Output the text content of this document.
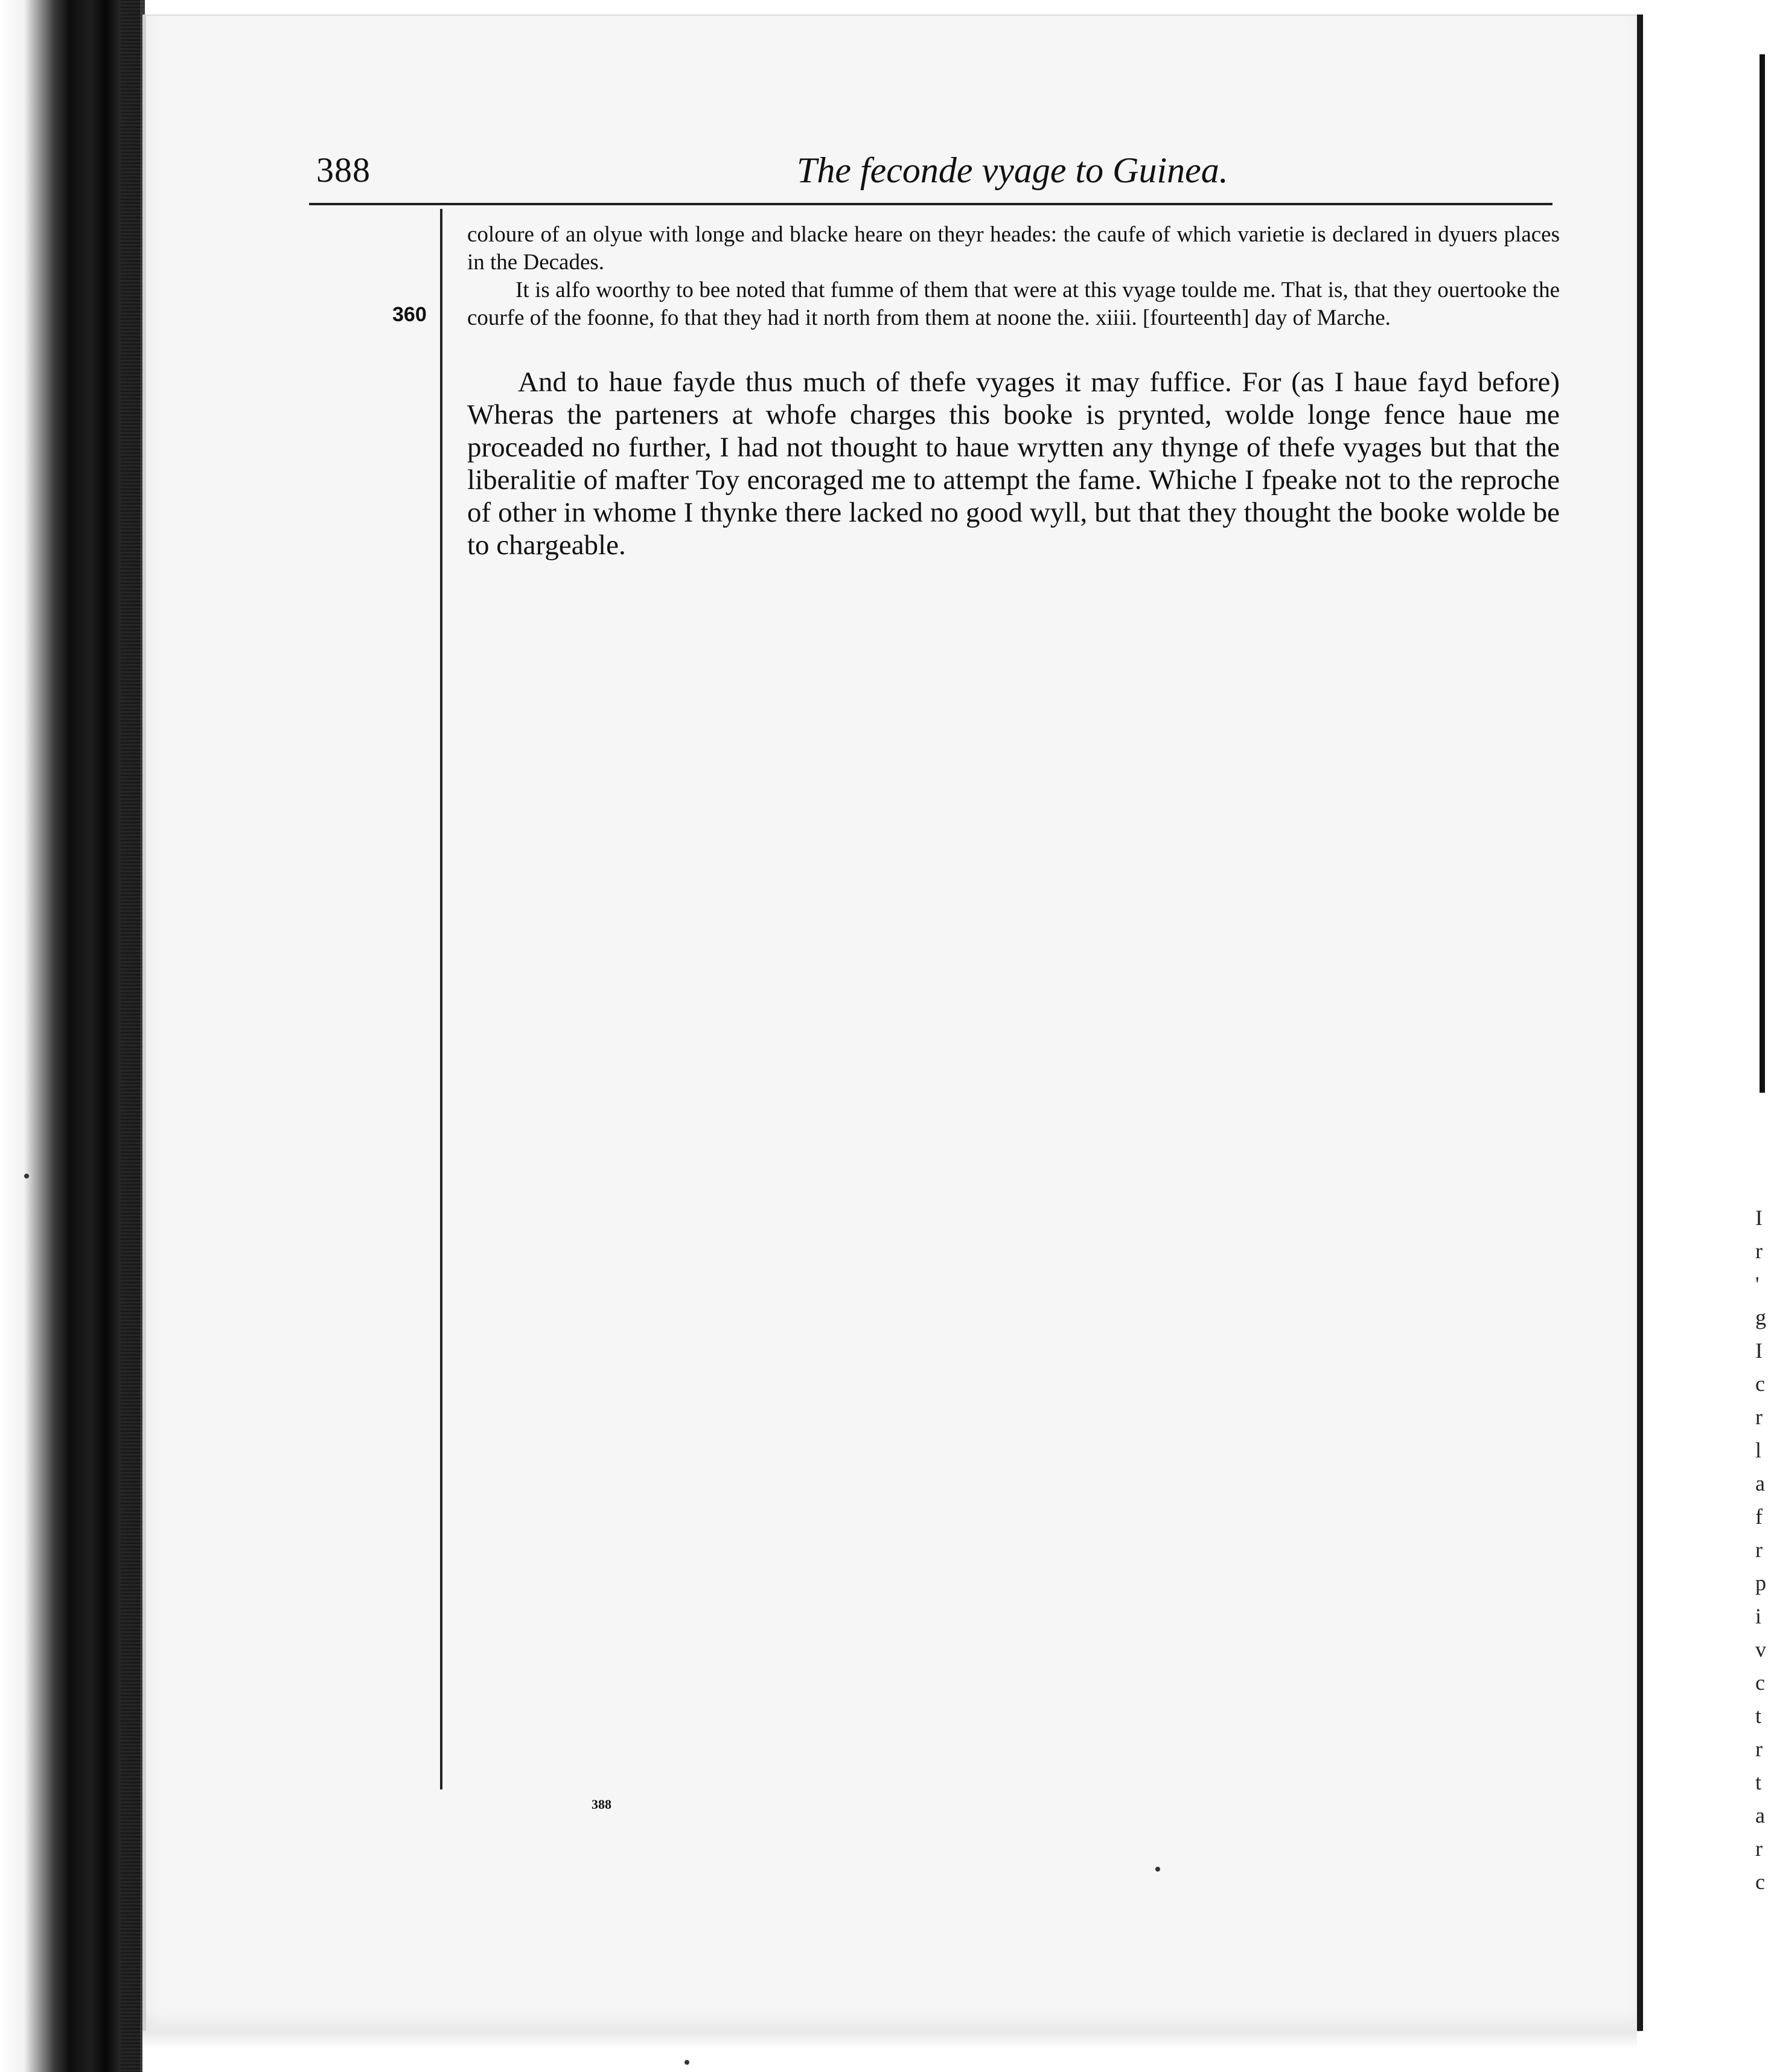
I
r
'
g
I
c
r
l
a
f
r
p
i
v
c
t
r
t
a
r
c
388	The feconde vyage to Guinea.
360

coloure of an olyue with longe and blacke heare on theyr heades: the caufe of which varietie is declared in dyuers places in the Decades.

It is alfo woorthy to bee noted that fumme of them that were at this vyage toulde me. That is, that they ouertooke the courfe of the foonne, fo that they had it north from them at noone the. xiiii. [fourteenth] day of Marche.

And to haue fayde thus much of thefe vyages it may fuffice. For (as I haue fayd before) Wheras the parteners at whofe charges this booke is prynted, wolde longe fence haue me proceaded no further, I had not thought to haue wrytten any thynge of thefe vyages but that the liberalitie of mafter Toy encoraged me to attempt the fame. Whiche I fpeake not to the reproche of other in whome I thynke there lacked no good wyll, but that they thought the booke wolde be to chargeable.

388
